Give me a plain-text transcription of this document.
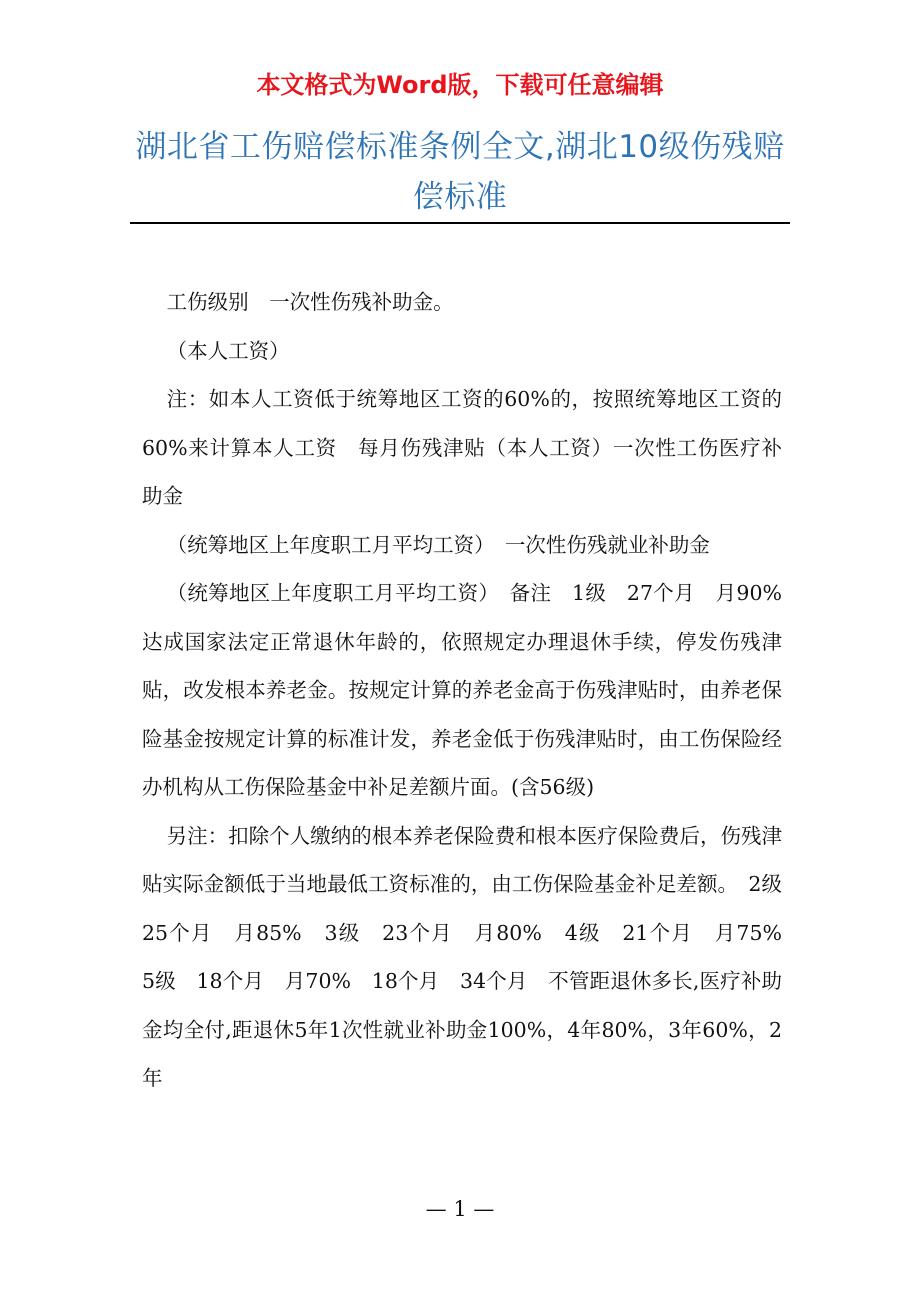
本文格式为Word版，下载可任意编辑
湖北省工伤赔偿标准条例全文,湖北10级伤残赔偿标准

工伤级别　一次性伤残补助金。

（本人工资）

注：如本人工资低于统筹地区工资的60%的，按照统筹地区工资的60%来计算本人工资　每月伤残津贴（本人工资）一次性工伤医疗补助金

（统筹地区上年度职工月平均工资）　一次性伤残就业补助金

（统筹地区上年度职工月平均工资）　备注　1级　27个月　月90%　达成国家法定正常退休年龄的，依照规定办理退休手续，停发伤残津贴，改发根本养老金。按规定计算的养老金高于伤残津贴时，由养老保险基金按规定计算的标准计发，养老金低于伤残津贴时，由工伤保险经办机构从工伤保险基金中补足差额片面。(含56级)

另注：扣除个人缴纳的根本养老保险费和根本医疗保险费后，伤残津贴实际金额低于当地最低工资标准的，由工伤保险基金补足差额。　2级　25个月　月85%　3级　23个月　月80%　4级　21个月　月75%　5级　18个月　月70%　18个月　34个月　不管距退休多长,医疗补助金均全付,距退休5年1次性就业补助金100%，4年80%，3年60%，2年

— 1 —
